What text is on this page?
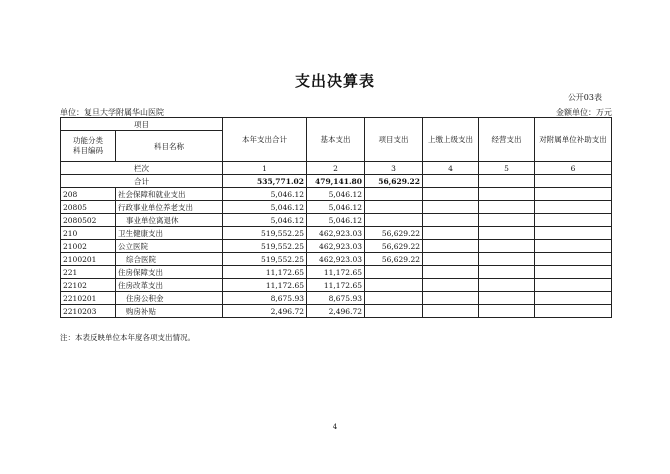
支出决算表
公开03表
单位：复旦大学附属华山医院	金额单位：万元
项目		本年支出合计	基本支出	项目支出	上缴上级支出	经营支出	对附属单位补助支出

功能分类
科目编码	科目名称						

栏次		1	2	3	4	5	6
合计		535,771.02	479,141.80	56,629.22			
208	社会保障和就业支出	5,046.12	5,046.12				
20805	行政事业单位养老支出	5,046.12	5,046.12				
2080502	事业单位离退休	5,046.12	5,046.12				
210	卫生健康支出	519,552.25	462,923.03	56,629.22			
21002	公立医院	519,552.25	462,923.03	56,629.22			
2100201	综合医院	519,552.25	462,923.03	56,629.22			
221	住房保障支出	11,172.65	11,172.65				
22102	住房改革支出	11,172.65	11,172.65				
2210201	住房公积金	8,675.93	8,675.93				
2210203	购房补贴	2,496.72	2,496.72				
注：本表反映单位本年度各项支出情况。
4
